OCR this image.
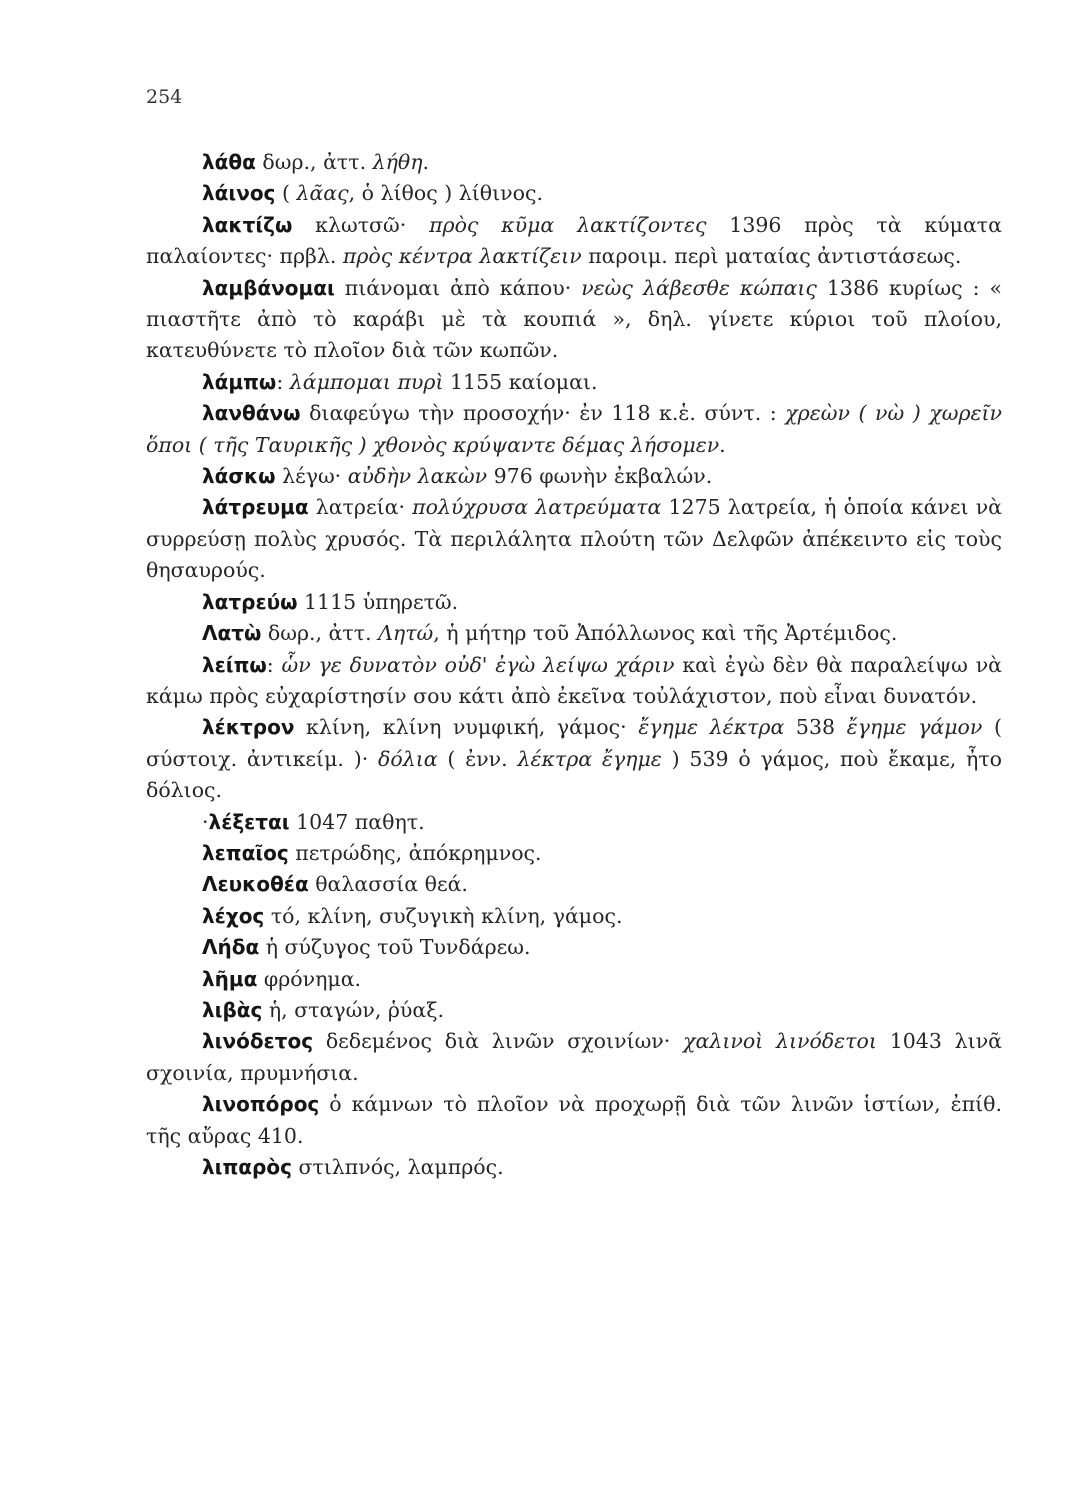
254

λάθα δωρ., ἀττ. λήθη.

λάινος ( λᾶας, ὁ λίθος ) λίθινος.

λακτίζω κλωτσῶ· πρὸς κῦμα λακτίζοντες 1396 πρὸς τὰ κύματα παλαίοντες· πρβλ. πρὸς κέντρα λακτίζειν παροιμ. περὶ ματαίας ἀντιστάσεως.

λαμβάνομαι πιάνομαι ἀπὸ κάπου· νεὼς λάβεσθε κώπαις 1386 κυρίως : « πιαστῆτε ἀπὸ τὸ καράβι μὲ τὰ κουπιά », δηλ. γίνετε κύριοι τοῦ πλοίου, κατευθύνετε τὸ πλοῖον διὰ τῶν κωπῶν.

λάμπω: λάμπομαι πυρὶ 1155 καίομαι.

λανθάνω διαφεύγω τὴν προσοχήν· ἐν 118 κ.ἑ. σύντ. : χρεὼν ( νὼ ) χωρεῖν ὅποι ( τῆς Ταυρικῆς ) χθονὸς κρύψαντε δέμας λήσομεν.

λάσκω λέγω· αὐδὴν λακὼν 976 φωνὴν ἐκβαλών.

λάτρευμα λατρεία· πολύχρυσα λατρεύματα 1275 λατρεία, ἡ ὁποία κάνει νὰ συρρεύσῃ πολὺς χρυσός. Τὰ περιλάλητα πλούτη τῶν Δελφῶν ἀπέκειντο εἰς τοὺς θησαυρούς.

λατρεύω 1115 ὑπηρετῶ.

Λατὼ δωρ., ἀττ. Λητώ, ἡ μήτηρ τοῦ Ἀπόλλωνος καὶ τῆς Ἀρτέμιδος.

λείπω: ὧν γε δυνατὸν οὐδ' ἐγὼ λείψω χάριν καὶ ἐγὼ δὲν θὰ παραλείψω νὰ κάμω πρὸς εὐχαρίστησίν σου κάτι ἀπὸ ἐκεῖνα τοὐλάχιστον, ποὺ εἶναι δυνατόν.

λέκτρον κλίνη, κλίνη νυμφική, γάμος· ἔγημε λέκτρα 538 ἔγημε γάμον ( σύστοιχ. ἀντικείμ. )· δόλια ( ἐνν. λέκτρα ἔγημε ) 539 ὁ γάμος, ποὺ ἔκαμε, ἦτο δόλιος.

·λέξεται 1047 παθητ.

λεπαῖος πετρώδης, ἀπόκρημνος.

Λευκοθέα θαλασσία θεά.

λέχος τό, κλίνη, συζυγικὴ κλίνη, γάμος.

Λήδα ἡ σύζυγος τοῦ Τυνδάρεω.

λῆμα φρόνημα.

λιβὰς ἡ, σταγών, ῥύαξ.

λινόδετος δεδεμένος διὰ λινῶν σχοινίων· χαλινοὶ λινόδετοι 1043 λινᾶ σχοινία, πρυμνήσια.

λινοπόρος ὁ κάμνων τὸ πλοῖον νὰ προχωρῇ διὰ τῶν λινῶν ἱστίων, ἐπίθ. τῆς αὔρας 410.

λιπαρὸς στιλπνός, λαμπρός.
